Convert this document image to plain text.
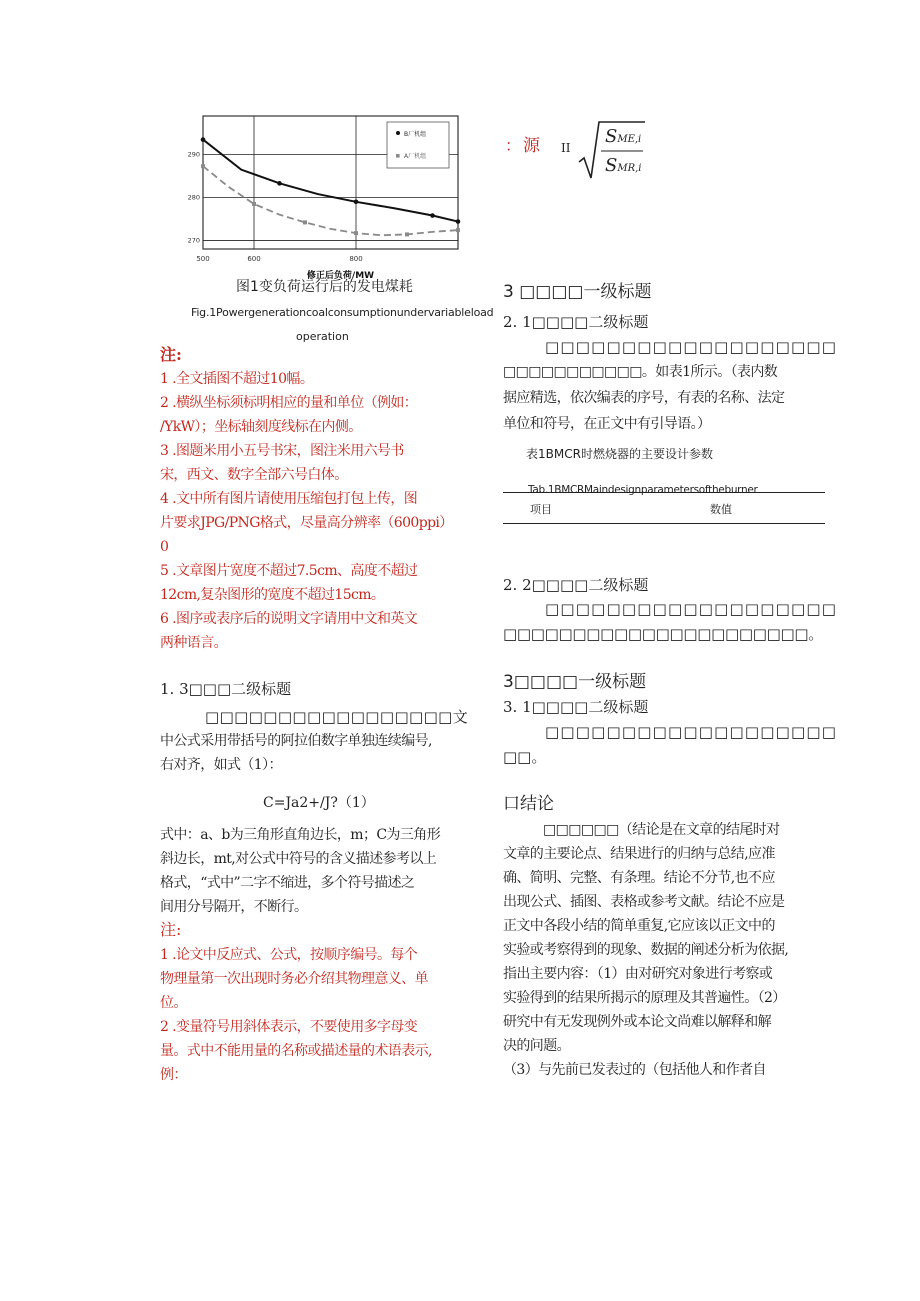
500	600	800
290
280
270
修正后负荷/MW
B厂机组
A厂机组
图1变负荷运行后的发电煤耗
Fig.1Powergenerationcoalconsumptionundervariableload
operation
注:
1 .全文插图不超过10幅。
2 .横纵坐标须标明相应的量和单位（例如：
/YkW）；坐标轴刻度线标在内侧。
3 .图题米用小五号书宋，图注米用六号书
宋，西文、数字全部六号白体。
4 .文中所有图片请使用压缩包打包上传，图
片要求JPG/PNG格式，尽量高分辨率（600ppi）
0
5 .文章图片宽度不超过7.5cm、高度不超过
12cm,复杂图形的宽度不超过15cm。
6 .图序或表序后的说明文字请用中文和英文
两种语言。
1. 3□□□二级标题
□□□□□□□□□□□□□□□□□文
中公式采用带括号的阿拉伯数字单独连续编号,
右对齐，如式（1）：
C=Ja2+/J?（1）
式中：a、b为三角形直角边长，m；C为三角形
斜边长，mt,对公式中符号的含义描述参考以上
格式，“式中”二字不缩进，多个符号描述之
间用分号隔开，不断行。
注:
1 .论文中反应式、公式，按顺序编号。每个
物理量第一次出现时务必介绍其物理意义、单
位。
2 .变量符号用斜体表示，不要使用多字母变
量。式中不能用量的名称或描述量的术语表示,
例：
： 源 II
SME,i
SMR,i
3 □□□□一级标题
2. 1□□□□二级标题
□□□□□□□□□□□□□□□□□□□
□□□□□□□□□□□。如表1所示。（表内数
据应精选，依次编表的序号，有表的名称、法定
单位和符号，在正文中有引导语。）
表1BMCR时燃烧器的主要设计参数
Tab.1BMCRMaindesignparametersoftheburner
项目	数值
2. 2□□□□二级标题
□□□□□□□□□□□□□□□□□□□
□□□□□□□□□□□□□□□□□□□□□□。
3□□□□一级标题
3. 1□□□□二级标题
□□□□□□□□□□□□□□□□□□□
□□。
口结论
□□□□□□（结论是在文章的结尾时对
文章的主要论点、结果进行的归纳与总结,应准
确、简明、完整、有条理。结论不分节,也不应
出现公式、插图、表格或参考文献。结论不应是
正文中各段小结的简单重复,它应该以正文中的
实验或考察得到的现象、数据的阐述分析为依据,
指出主要内容：（1）由对研究对象进行考察或
实验得到的结果所揭示的原理及其普遍性。（2）
研究中有无发现例外或本论文尚难以解释和解
决的问题。
（3）与先前已发表过的（包括他人和作者自
